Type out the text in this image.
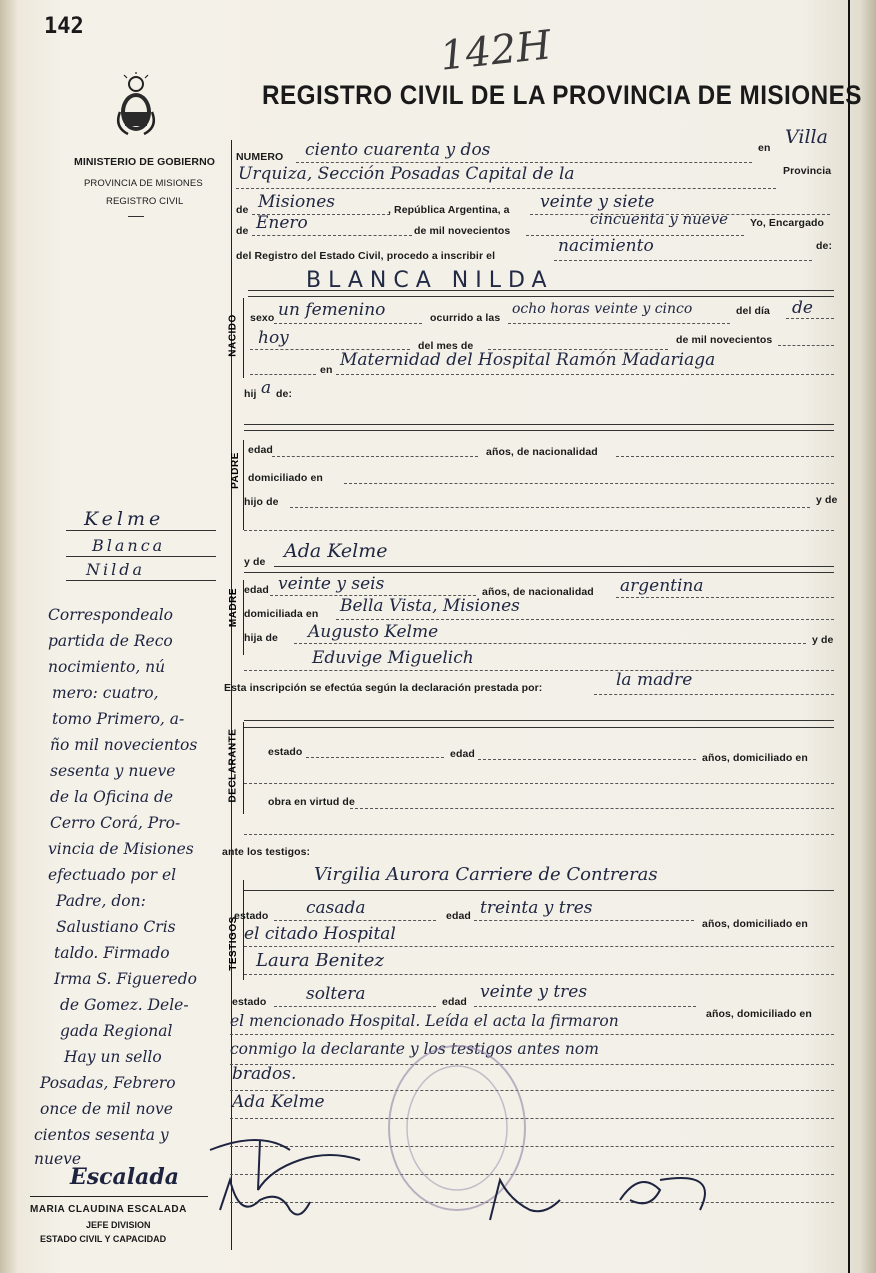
142	142H
REGISTRO CIVIL DE LA PROVINCIA DE MISIONES
MINISTERIO DE GOBIERNO
PROVINCIA DE MISIONES
REGISTRO CIVIL
NACIDO
PADRE
MADRE
DECLARANTE
TESTIGOS
NUMERO ciento cuarenta y dos	en Villa
Urquiza, Sección Posadas Capital de la	Provincia
de Misiones	, República Argentina, a veinte y siete
de Enero	de mil novecientos
cincuenta y nueve Yo, Encargado
del Registro del Estado Civil, procedo a inscribir el	nacimiento	de:
BLANCA NILDA
sexo un femenino	ocurrido a las
ocho horas veinte y cinco	del día de
hoy	del mes de	de mil novecientos
en Maternidad del Hospital Ramón Madariaga
hij a de:
edad	años, de nacionalidad
domiciliado en
hijo de	y de
y de Ada Kelme
edad veinte y seis	años, de nacionalidad argentina
domiciliada en Bella Vista, Misiones
hija de Augusto Kelme	y de
Eduvige Miguelich
Esta inscripción se efectúa según la declaración prestada por:	la madre
estado	edad	años, domiciliado en
obra en virtud de
ante los testigos:
Virgilia Aurora Carriere de Contreras
estado casada	edad treinta y tres
años, domiciliado en
el citado Hospital
Laura Benitez
estado soltera	edad veinte y tres
años, domiciliado en
el mencionado Hospital. Leída el acta la firmaron
conmigo la declarante y los testigos antes nom
brados.
Ada Kelme
Kelme
Blanca
Nilda
Correspondealo
partida de Reco
nocimiento, nú
mero: cuatro,
tomo Primero, a-
ño mil novecientos
sesenta y nueve
de la Oficina de
Cerro Corá, Pro-
vincia de Misiones
efectuado por el
Padre, don:
Salustiano Cris
taldo. Firmado
Irma S. Figueredo
de Gomez. Dele-
gada Regional
Hay un sello
Posadas, Febrero
once de mil nove
cientos sesenta y
nueve
Escalada
MARIA CLAUDINA ESCALADA
JEFE DIVISION
ESTADO CIVIL Y CAPACIDAD
